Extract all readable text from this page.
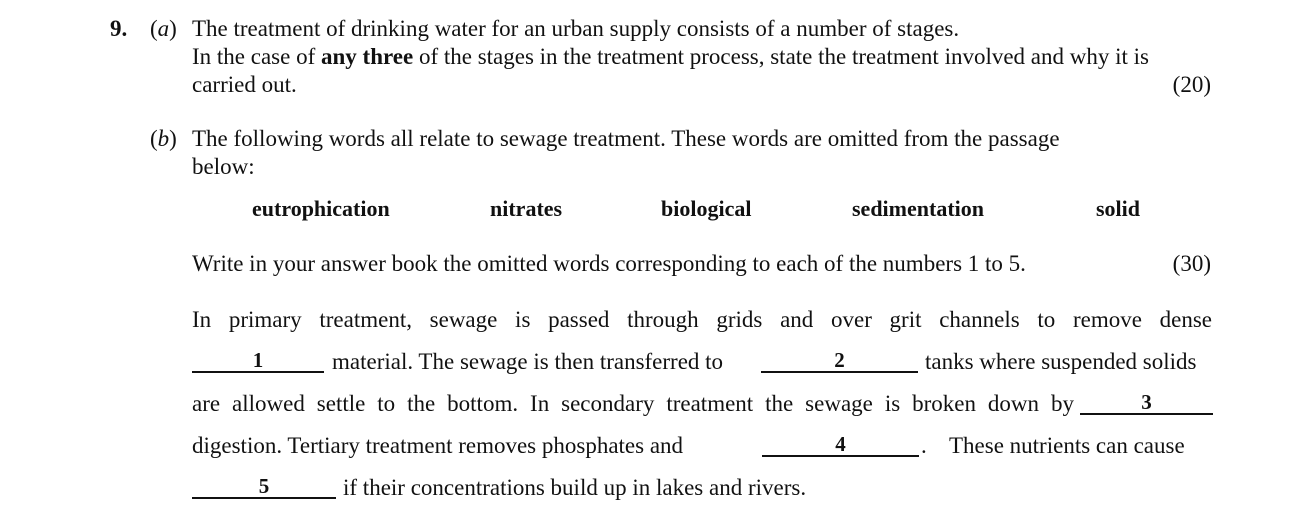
9. (a) The treatment of drinking water for an urban supply consists of a number of stages.
In the case of any three of the stages in the treatment process, state the treatment involved and why it is
carried out.	(20)
(b) The following words all relate to sewage treatment. These words are omitted from the passage
below:
eutrophication	nitrates	biological	sedimentation	solid
Write in your answer book the omitted words corresponding to each of the numbers 1 to 5.	(30)
In primary treatment, sewage is passed through grids and over grit channels to remove dense
1	material. The sewage is then transferred to	2	tanks where suspended solids
are allowed settle to the bottom. In secondary treatment the sewage is broken down by	3
digestion. Tertiary treatment removes phosphates and	4	. These nutrients can cause
5	if their concentrations build up in lakes and rivers.
